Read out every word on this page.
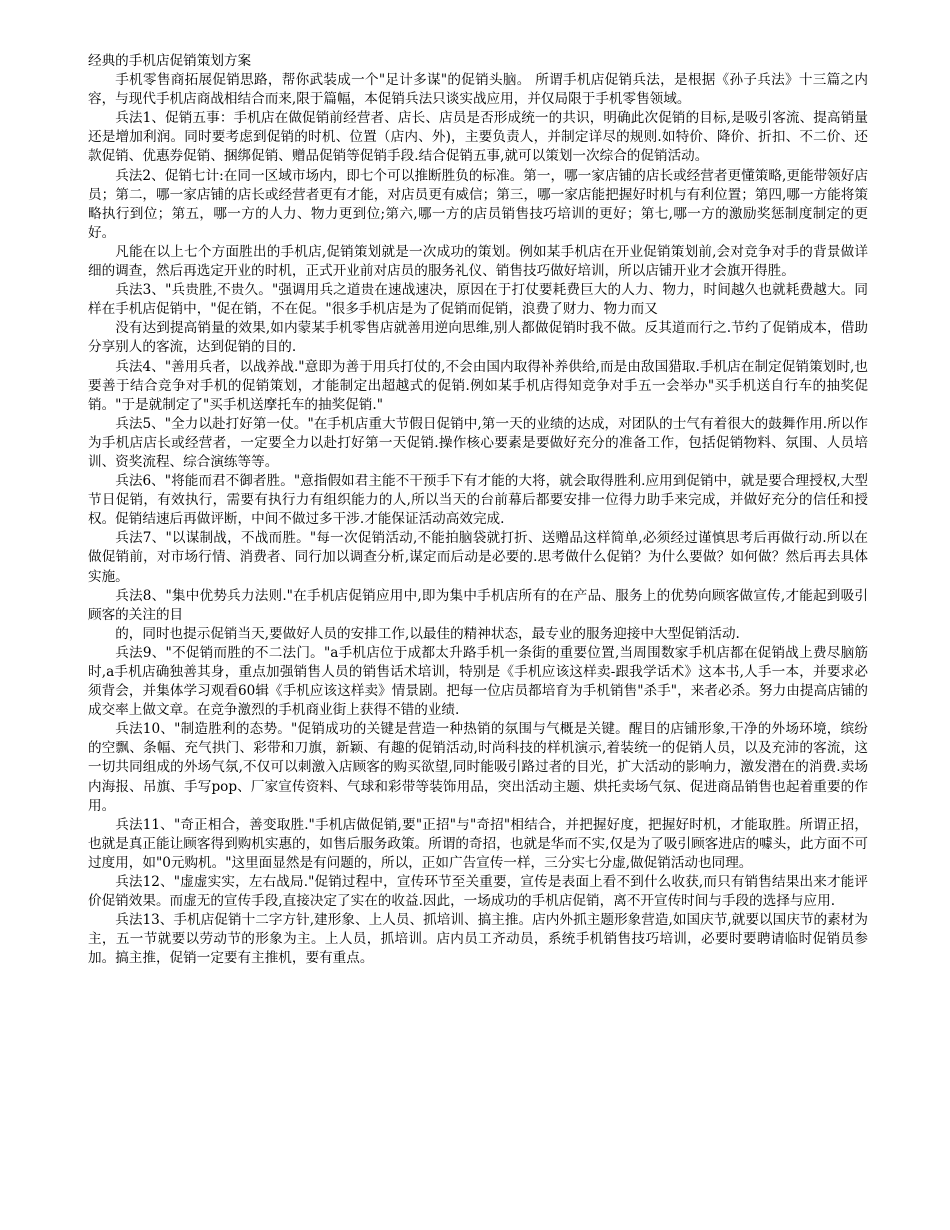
经典的手机店促销策划方案

手机零售商拓展促销思路，帮你武装成一个"足计多谋"的促销头脑。 所谓手机店促销兵法，是根据《孙子兵法》十三篇之内容，与现代手机店商战相结合而来,限于篇幅，本促销兵法只谈实战应用，并仅局限于手机零售领域。

兵法1、促销五事：手机店在做促销前经营者、店长、店员是否形成统一的共识，明确此次促销的目标,是吸引客流、提高销量还是增加利润。同时要考虑到促销的时机、位置（店内、外)，主要负责人，并制定详尽的规则.如特价、降价、折扣、不二价、还款促销、优惠券促销、捆绑促销、赠品促销等促销手段.结合促销五事,就可以策划一次综合的促销活动。

兵法2、促销七计:在同一区域市场内，即七个可以推断胜负的标准。第一，哪一家店铺的店长或经营者更懂策略,更能带领好店员；第二，哪一家店铺的店长或经营者更有才能，对店员更有威信；第三，哪一家店能把握好时机与有利位置；第四,哪一方能将策略执行到位；第五，哪一方的人力、物力更到位;第六,哪一方的店员销售技巧培训的更好；第七,哪一方的激励奖惩制度制定的更好。

凡能在以上七个方面胜出的手机店,促销策划就是一次成功的策划。例如某手机店在开业促销策划前,会对竞争对手的背景做详细的调查，然后再选定开业的时机，正式开业前对店员的服务礼仪、销售技巧做好培训，所以店铺开业才会旗开得胜。

兵法3、"兵贵胜,不贵久。"强调用兵之道贵在速战速决，原因在于打仗要耗费巨大的人力、物力，时间越久也就耗费越大。同样在手机店促销中，"促在销，不在促。"很多手机店是为了促销而促销，浪费了财力、物力而又

没有达到提高销量的效果,如内蒙某手机零售店就善用逆向思维,别人都做促销时我不做。反其道而行之.节约了促销成本，借助分享别人的客流，达到促销的目的.

兵法4、"善用兵者，以战养战."意即为善于用兵打仗的,不会由国内取得补养供给,而是由敌国猎取.手机店在制定促销策划时,也要善于结合竞争对手机的促销策划，才能制定出超越式的促销.例如某手机店得知竞争对手五一会举办"买手机送自行车的抽奖促销。"于是就制定了"买手机送摩托车的抽奖促销."

兵法5、"全力以赴打好第一仗。"在手机店重大节假日促销中,第一天的业绩的达成，对团队的士气有着很大的鼓舞作用.所以作为手机店店长或经营者，一定要全力以赴打好第一天促销.操作核心要素是要做好充分的准备工作，包括促销物料、氛围、人员培训、资奖流程、综合演练等等。

兵法6、"将能而君不御者胜。"意指假如君主能不干预手下有才能的大将，就会取得胜利.应用到促销中，就是要合理授权,大型节日促销，有效执行，需要有执行力有组织能力的人,所以当天的台前幕后都要安排一位得力助手来完成，并做好充分的信任和授权。促销结速后再做评断，中间不做过多干涉.才能保证活动高效完成.

兵法7、"以谋制战，不战而胜。"每一次促销活动,不能拍脑袋就打折、送赠品这样简单,必须经过谨慎思考后再做行动.所以在做促销前，对市场行情、消费者、同行加以调查分析,谋定而后动是必要的.思考做什么促销？为什么要做？如何做？然后再去具体实施。

兵法8、"集中优势兵力法则."在手机店促销应用中,即为集中手机店所有的在产品、服务上的优势向顾客做宣传,才能起到吸引顾客的关注的目

的，同时也提示促销当天,要做好人员的安排工作,以最佳的精神状态，最专业的服务迎接中大型促销活动.

兵法9、"不促销而胜的不二法门。"a手机店位于成都太升路手机一条街的重要位置,当周围数家手机店都在促销战上费尽脑筋时,a手机店确独善其身，重点加强销售人员的销售话术培训，特别是《手机应该这样卖-跟我学话术》这本书,人手一本，并要求必须背会，并集体学习观看60辑《手机应该这样卖》情景剧。把每一位店员都培育为手机销售"杀手"，来者必杀。努力由提高店铺的成交率上做文章。在竞争激烈的手机商业街上获得不错的业绩.

兵法10、"制造胜利的态势。"促销成功的关键是营造一种热销的氛围与气概是关键。醒目的店铺形象,干净的外场环境，缤纷的空飘、条幅、充气拱门、彩带和刀旗，新颖、有趣的促销活动,时尚科技的样机演示,着装统一的促销人员，以及充沛的客流，这一切共同组成的外场气氛,不仅可以刺激入店顾客的购买欲望,同时能吸引路过者的目光，扩大活动的影响力，激发潜在的消费.卖场内海报、吊旗、手写pop、厂家宣传资料、气球和彩带等装饰用品，突出活动主题、烘托卖场气氛、促进商品销售也起着重要的作用。

兵法11、"奇正相合，善变取胜."手机店做促销,要"正招"与"奇招"相结合，并把握好度，把握好时机，才能取胜。所谓正招，也就是真正能让顾客得到购机实惠的，如售后服务政策。所谓的奇招，也就是华而不实,仅是为了吸引顾客进店的噱头，此方面不可过度用，如"0元购机。"这里面显然是有问题的，所以，正如广告宣传一样，三分实七分虚,做促销活动也同理。

兵法12、"虚虚实实，左右战局."促销过程中，宣传环节至关重要，宣传是表面上看不到什么收获,而只有销售结果出来才能评价促销效果。而虚无的宣传手段,直接决定了实在的收益.因此，一场成功的手机店促销，离不开宣传时间与手段的选择与应用.

兵法13、手机店促销十二字方针,建形象、上人员、抓培训、搞主推。店内外抓主题形象营造,如国庆节,就要以国庆节的素材为主，五一节就要以劳动节的形象为主。上人员，抓培训。店内员工齐动员，系统手机销售技巧培训，必要时要聘请临时促销员参加。搞主推，促销一定要有主推机，要有重点。
